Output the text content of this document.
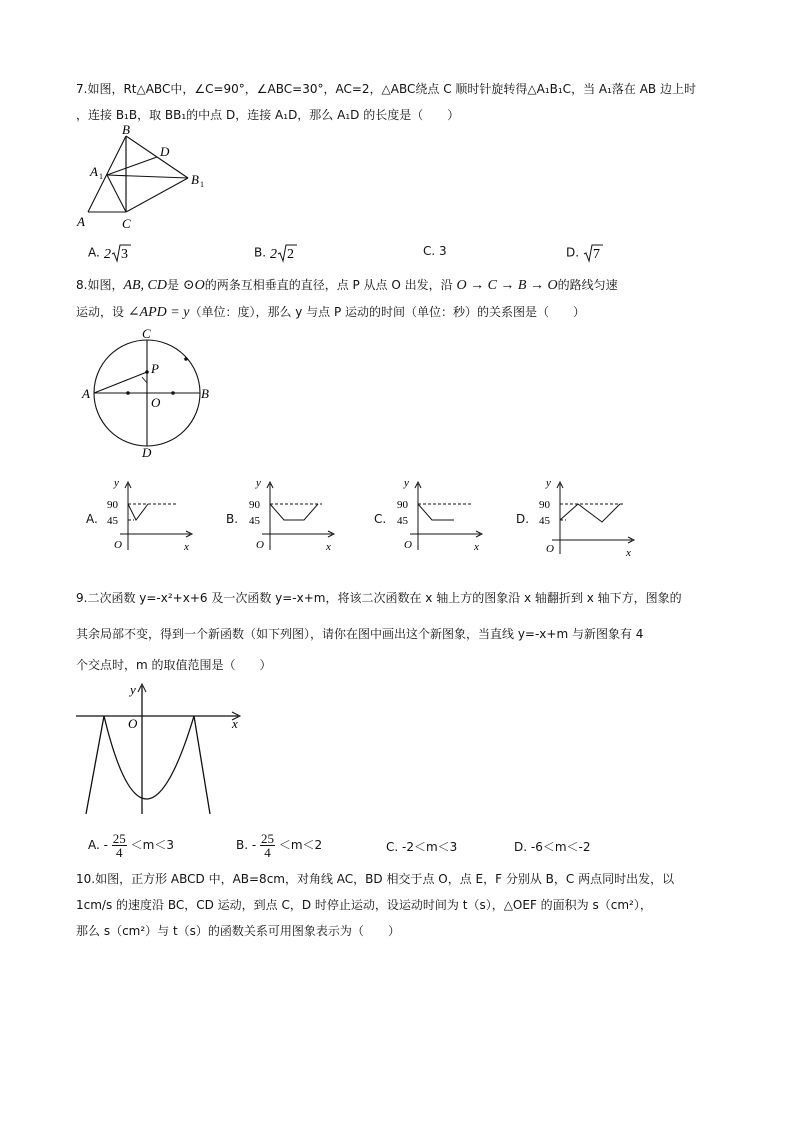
7.如图，Rt△ABC中，∠C=90°，∠ABC=30°，AC=2，△ABC绕点 C 顺时针旋转得△A₁B₁C，当 A₁落在 AB 边上时
，连接 B₁B，取 BB₁的中点 D，连接 A₁D，那么 A₁D 的长度是（　　）
B
D
A 1	B 1
A	C
A. 2 3	B. 2 2	C. 3	D. 7
8.如图，AB, CD是 ⊙O的两条互相垂直的直径，点 P 从点 O 出发，沿 O → C → B → O的路线匀速
运动，设 ∠APD = y（单位：度），那么 y 与点 P 运动的时间（单位：秒）的关系图是（　　）
C
P
A
O
B
D
A.
y
90
45
O	x
B.
y
90
45
O	x
C.
y
90
45
O	x
D.
y
90
45
O	x
9.二次函数 y=-x²+x+6 及一次函数 y=-x+m，将该二次函数在 x 轴上方的图象沿 x 轴翻折到 x 轴下方，图象的
其余局部不变，得到一个新函数（如下列图），请你在图中画出这个新图象，当直线 y=-x+m 与新图象有 4
个交点时，m 的取值范围是（　　）
y
O	x
A. - $\frac{25}{4} <m<3$	B. - $\frac{25}{4} <m<2$	C. -2＜m＜3	D. -6＜m＜-2
10.如图，正方形 ABCD 中，AB=8cm，对角线 AC，BD 相交于点 O，点 E，F 分别从 B，C 两点同时出发，以
1cm/s 的速度沿 BC，CD 运动，到点 C，D 时停止运动，设运动时间为 t（s），△OEF 的面积为 s（cm²），
那么 s（cm²）与 t（s）的函数关系可用图象表示为（　　）
